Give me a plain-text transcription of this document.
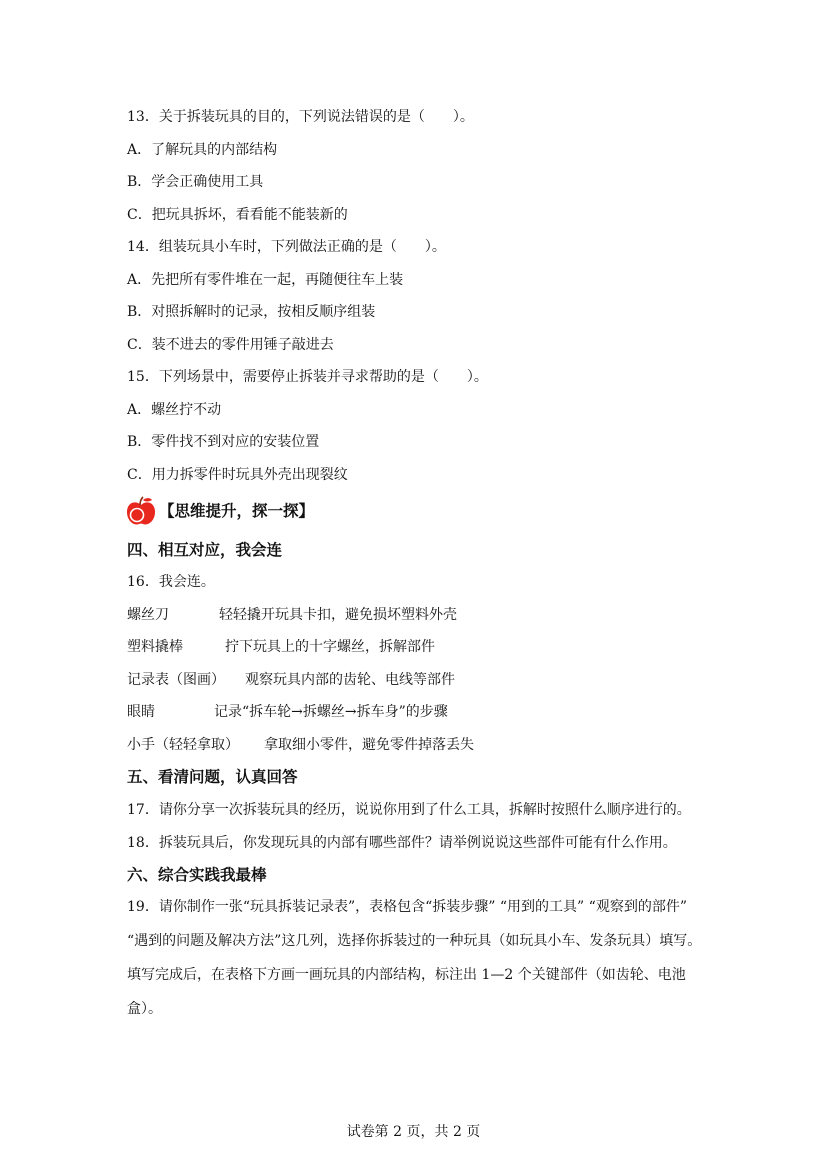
13．关于拆装玩具的目的，下列说法错误的是（　　）。
A．了解玩具的内部结构
B．学会正确使用工具
C．把玩具拆坏，看看能不能装新的
14．组装玩具小车时，下列做法正确的是（　　）。
A．先把所有零件堆在一起，再随便往车上装
B．对照拆解时的记录，按相反顺序组装
C．装不进去的零件用锤子敲进去
15．下列场景中，需要停止拆装并寻求帮助的是（　　）。
A．螺丝拧不动
B．零件找不到对应的安装位置
C．用力拆零件时玩具外壳出现裂纹
【思维提升，探一探】
四、相互对应，我会连
16．我会连。
螺丝刀	轻轻撬开玩具卡扣，避免损坏塑料外壳
塑料撬棒	拧下玩具上的十字螺丝，拆解部件
记录表（图画） 观察玩具内部的齿轮、电线等部件
眼睛	记录“拆车轮→拆螺丝→拆车身”的步骤
小手（轻轻拿取） 拿取细小零件，避免零件掉落丢失
五、看清问题，认真回答
17．请你分享一次拆装玩具的经历，说说你用到了什么工具，拆解时按照什么顺序进行的。
18．拆装玩具后，你发现玩具的内部有哪些部件？请举例说说这些部件可能有什么作用。
六、综合实践我最棒
19．请你制作一张“玩具拆装记录表”，表格包含“拆装步骤” “用到的工具” “观察到的部件” “遇到的问题及解决方法”这几列，选择你拆装过的一种玩具（如玩具小车、发条玩具）填写。填写完成后，在表格下方画一画玩具的内部结构，标注出 1—2 个关键部件（如齿轮、电池盒）。
试卷第 2 页，共 2 页
